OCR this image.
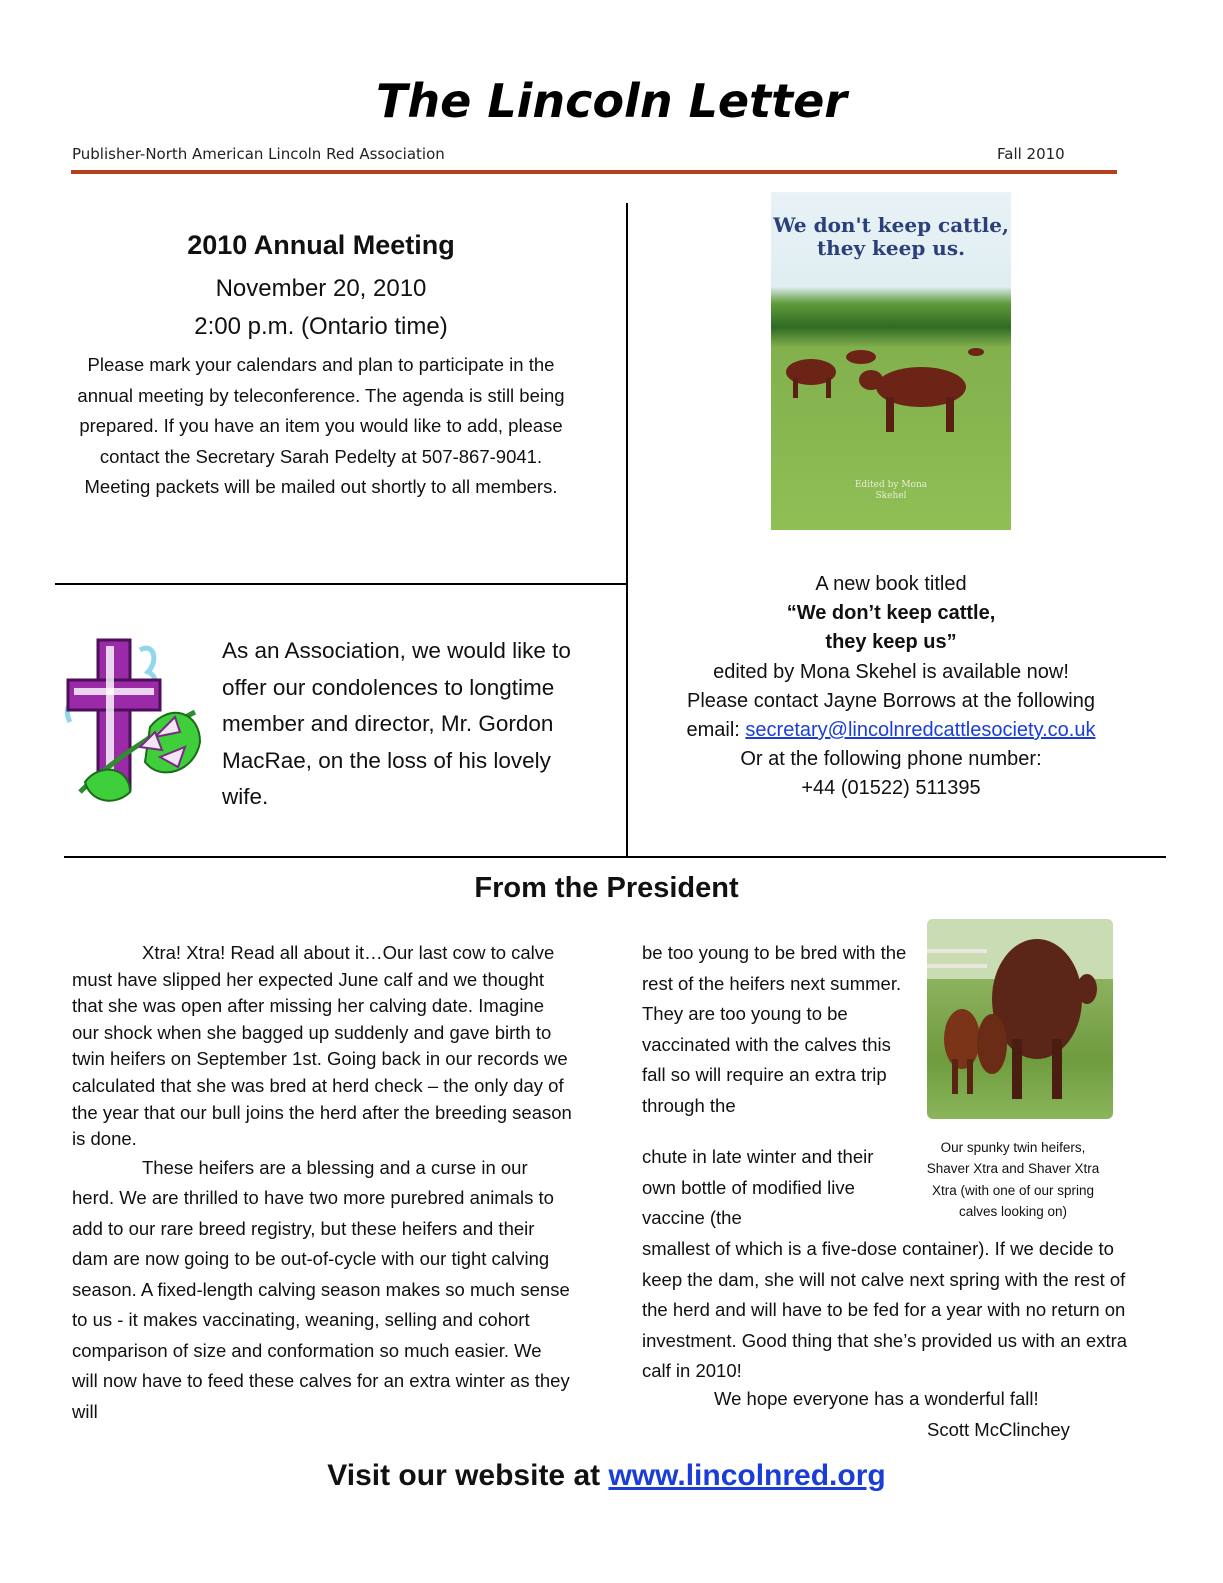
The Lincoln Letter
Publisher-North American Lincoln Red Association	Fall 2010
2010 Annual Meeting
November 20, 2010
2:00 p.m. (Ontario time)
Please mark your calendars and plan to participate in the annual meeting by teleconference. The agenda is still being prepared. If you have an item you would like to add, please contact the Secretary Sarah Pedelty at 507-867-9041. Meeting packets will be mailed out shortly to all members.
As an Association, we would like to offer our condolences to longtime member and director, Mr. Gordon MacRae, on the loss of his lovely wife.
We don't keep cattle, they keep us.
Edited by Mona Skehel
A new book titled
“We don’t keep cattle,
they keep us”
edited by Mona Skehel is available now!
Please contact Jayne Borrows at the following
email: secretary@lincolnredcattlesociety.co.uk
Or at the following phone number:
+44 (01522) 511395
From the President

Xtra! Xtra! Read all about it…Our last cow to calve must have slipped her expected June calf and we thought that she was open after missing her calving date. Imagine our shock when she bagged up suddenly and gave birth to twin heifers on September 1st. Going back in our records we calculated that she was bred at herd check – the only day of the year that our bull joins the herd after the breeding season is done.

These heifers are a blessing and a curse in our herd. We are thrilled to have two more purebred animals to add to our rare breed registry, but these heifers and their dam are now going to be out-of-cycle with our tight calving season. A fixed-length calving season makes so much sense to us - it makes vaccinating, weaning, selling and cohort comparison of size and conformation so much easier. We will now have to feed these calves for an extra winter as they will

be too young to be bred with the rest of the heifers next summer. They are too young to be vaccinated with the calves this fall so will require an extra trip through the
chute in late winter and their own bottle of modified live vaccine (the
smallest of which is a five-dose container). If we decide to keep the dam, she will not calve next spring with the rest of the herd and will have to be fed for a year with no return on investment. Good thing that she’s provided us with an extra calf in 2010!
We hope everyone has a wonderful fall!
Scott McClinchey
Our spunky twin heifers, Shaver Xtra and Shaver Xtra Xtra (with one of our spring calves looking on)
Visit our website at www.lincolnred.org
